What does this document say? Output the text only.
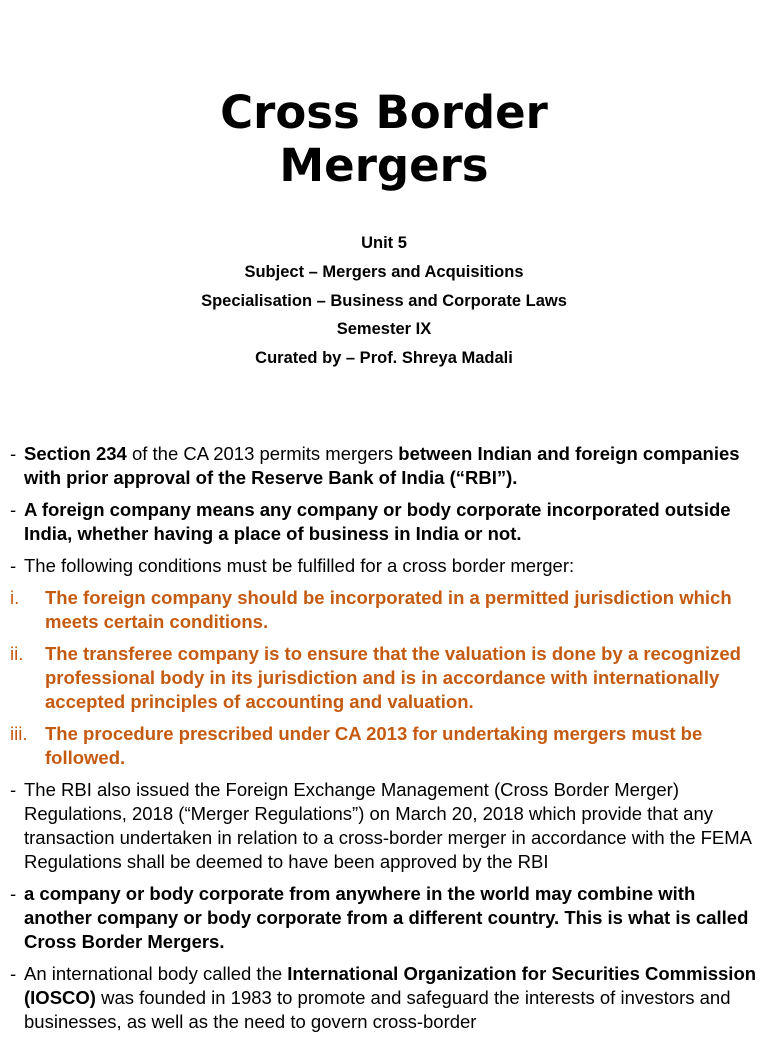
Cross Border
Mergers
Unit 5
Subject – Mergers and Acquisitions
Specialisation – Business and Corporate Laws
Semester IX
Curated by – Prof. Shreya Madali
- Section 234 of the CA 2013 permits mergers between Indian and foreign companies with prior approval of the Reserve Bank of India (“RBI”).
- A foreign company means any company or body corporate incorporated outside India, whether having a place of business in India or not.
- The following conditions must be fulfilled for a cross border merger:
i. The foreign company should be incorporated in a permitted jurisdiction which meets certain conditions.
ii. The transferee company is to ensure that the valuation is done by a recognized professional body in its jurisdiction and is in accordance with internationally accepted principles of accounting and valuation.
iii. The procedure prescribed under CA 2013 for undertaking mergers must be followed.
- The RBI also issued the Foreign Exchange Management (Cross Border Merger) Regulations, 2018 (“Merger Regulations”) on March 20, 2018 which provide that any transaction undertaken in relation to a cross-border merger in accordance with the FEMA Regulations shall be deemed to have been approved by the RBI
- a company or body corporate from anywhere in the world may combine with another company or body corporate from a different country. This is what is called Cross Border Mergers.
- An international body called the International Organization for Securities Commission (IOSCO) was founded in 1983 to promote and safeguard the interests of investors and businesses, as well as the need to govern cross-border
